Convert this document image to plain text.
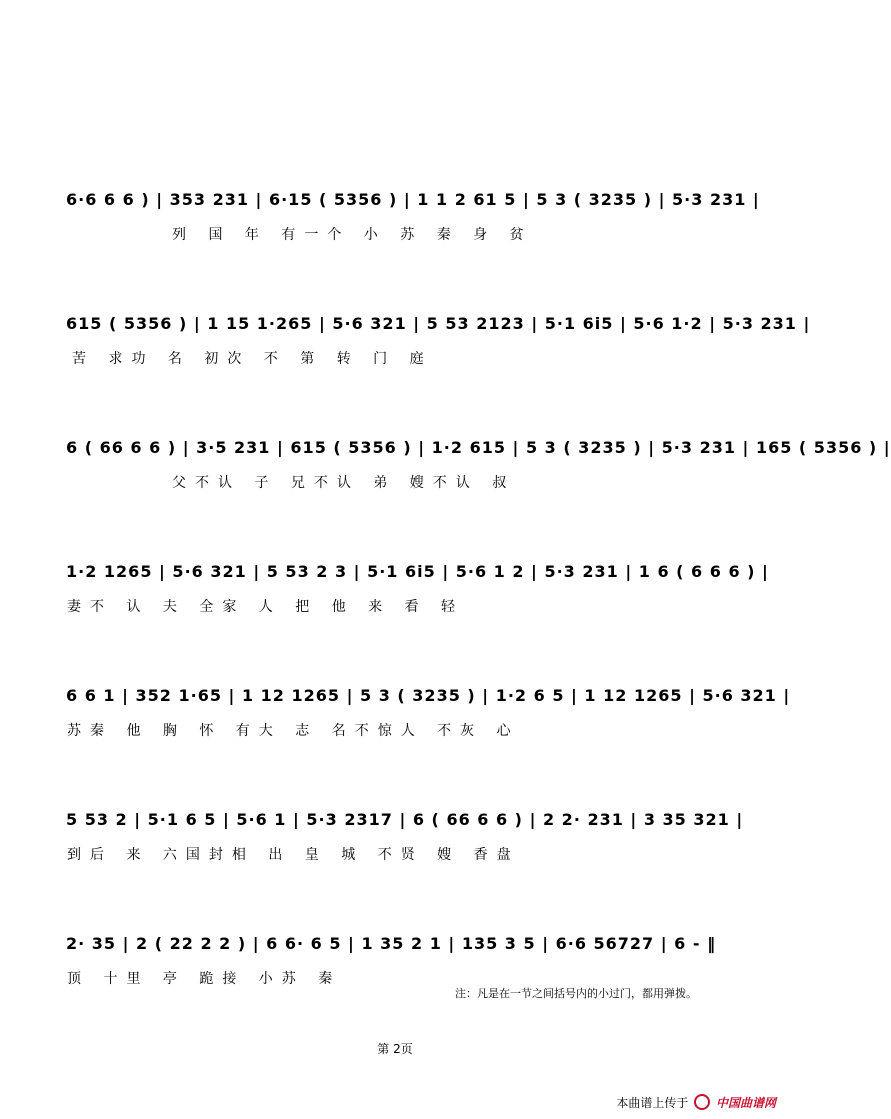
6·6 6 6 ) | 353 231 | 6·15 ( 5356 ) | 1 1 2 61 5 | 5 3 ( 3235 ) | 5·3 231 |
列 国 年 有一个 小 苏 秦 身 贫
615 ( 5356 ) | 1 15 1·265 | 5·6 321 | 5 53 2123 | 5·1 6i5 | 5·6 1·2 | 5·3 231 |
苦 求功 名 初次 不 第 转 门 庭
6 ( 66 6 6 ) | 3·5 231 | 615 ( 5356 ) | 1·2 615 | 5 3 ( 3235 ) | 5·3 231 | 165 ( 5356 ) |
父不认 子 兄不认 弟 嫂不认 叔
1·2 1265 | 5·6 321 | 5 53 2 3 | 5·1 6i5 | 5·6 1 2 | 5·3 231 | 1 6 ( 6 6 6 ) |
妻不 认 夫 全家 人 把 他 来 看 轻
6 6 1 | 352 1·65 | 1 12 1265 | 5 3 ( 3235 ) | 1·2 6 5 | 1 12 1265 | 5·6 321 |
苏秦 他 胸 怀 有大 志 名不惊人 不灰 心
5 53 2 | 5·1 6 5 | 5·6 1 | 5·3 2317 | 6 ( 66 6 6 ) | 2 2· 231 | 3 35 321 |
到后 来 六国封相 出 皇 城 不贤 嫂 香盘
2· 35 | 2 ( 22 2 2 ) | 6 6· 6 5 | 1 35 2 1 | 135 3 5 | 6·6 56727 | 6 - ‖
顶 十里 亭 跪接 小苏 秦
注：凡是在一节之间括号内的小过门，都用弹拨。
第 2页
本曲谱上传于 中国曲谱网
